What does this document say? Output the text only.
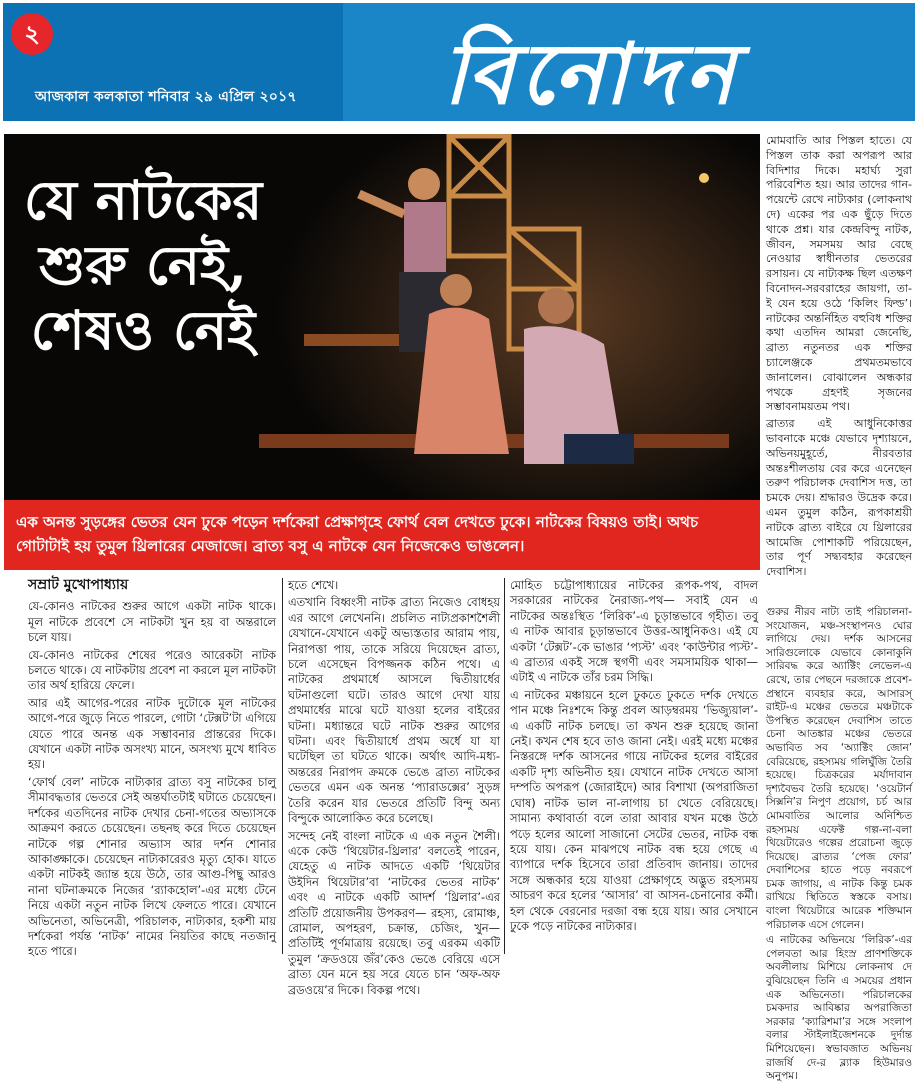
২
আজকাল কলকাতা শনিবার ২৯ এপ্রিল ২০১৭ বিনোদন
যে নাটকের
শুরু নেই,
শেষও নেই
এক অনন্ত সুড়ঙ্গের ভেতর যেন ঢুকে পড়েন দর্শকেরা প্রেক্ষাগৃহে ফোর্থ বেল দেখতে ঢুকে। নাটকের বিষয়ও তাই। অথচ গোটাটাই হয় তুমুল থ্রিলারের মেজাজে। ব্রাত্য বসু এ নাটকে যেন নিজেকেও ভাঙলেন।

সম্রাট মুখোপাধ্যায়

যে-কোনও নাটকের শুরুর আগে একটা নাটক থাকে। মূল নাটকে প্রবেশে সে নাটকটা খুন হয় বা অন্তরালে চলে যায়।

যে-কোনও নাটকের শেষের পরেও আরেকটা নাটক চলতে থাকে। যে নাটকটায় প্রবেশ না করলে মূল নাটকটা তার অর্থ হারিয়ে ফেলে।

আর এই আগের-পরের নাটক দুটোকে মূল নাটকের আগে-পরে জুড়ে নিতে পারলে, গোটা ‘টেক্সট’টা এগিয়ে যেতে পারে অনন্ত এক সম্ভাবনার প্রান্তরের দিকে। যেখানে একটা নাটক অসংখ্য মানে, অসংখ্য মুখে ধাবিত হয়।

‘ফোর্থ বেল’ নাটকে নাট্যকার ব্রাত্য বসু নাটকের চালু সীমাবদ্ধতার ভেতরে সেই অন্তর্ঘাতটাই ঘটাতে চেয়েছেন। দর্শকের এতদিনের নাটক দেখার চেনা-গতের অভ্যাসকে আক্রমণ করতে চেয়েছেন। তছনছ করে দিতে চেয়েছেন নাটকে গল্প শোনার অভ্যাস আর দর্শন শোনার আকাঙ্ক্ষাকে। চেয়েছেন নাট্যকারেরও মৃত্যু হোক। যাতে একটা নাটকই জ্যান্ত হয়ে উঠে, তার আগু-পিছু আরও নানা ঘটনাক্রমকে নিজের ‘র‍্যাকহোল’-এর মধ্যে টেনে নিয়ে একটা নতুন নাটক লিখে ফেলতে পারে। যেখানে অভিনেতা, অভিনেত্রী, পরিচালক, নাট্যকার, হকশী মায় দর্শকেরা পর্যন্ত ‘নাটক’ নামের নিয়তির কাছে নতজানু হতে পারে।

হতে শেখে।

এতখানি বিধ্বংসী নাটক ব্রাত্য নিজেও বোধহয় এর আগে লেখেননি। প্রচলিত নাট্যপ্রকাশশৈলী যেখানে-যেখানে একটু অভ্যস্ততার আরাম পায়, নিরাপত্তা পায়, তাকে সরিয়ে দিয়েছেন ব্রাত্য, চলে এসেছেন বিপজ্জনক কঠিন পথে। এ নাটকের প্রথমার্ধে আসলে দ্বিতীয়ার্ধের ঘটনাগুলো ঘটে। তারও আগে দেখা যায় প্রথমার্ধের মাঝে ঘটে যাওয়া হলের বাইরের ঘটনা। মধ্যান্তরে ঘটে নাটক শুরুর আগের ঘটনা। এবং দ্বিতীয়ার্ধে প্রথম অর্ধে যা যা ঘটেছিল তা ঘটতে থাকে। অর্থাৎ আদি-মধ্য-অন্তরের নিরাপদ ক্রমকে ভেঙে ব্রাত্য নাটকের ভেতরে এমন এক অনন্ত ‘প্যারাডক্সের’ সুড়ঙ্গ তৈরি করেন যার ভেতরে প্রতিটি বিন্দু অন্য বিন্দুকে আলোকিত করে চলেছে।

সন্দেহ নেই বাংলা নাটকে এ এক নতুন শৈলী। একে কেউ ‘থিয়েটার-থ্রিলার’ বলতেই পারেন, যেহেতু এ নাটক আদতে একটি ‘থিয়েটার উইদিন থিয়েটার’বা ‘নাটকের ভেতর নাটক’ এবং এ নাটকে একটি আদর্শ ‘থ্রিলার’-এর প্রতিটি প্রয়োজনীয় উপকরণ— রহস্য, রোমাঞ্চ, রোমাল, অপহরণ, চক্রান্ত, চেজিং, খুন— প্রতিটিই পূর্ণমাত্রায় রয়েছে। তবু এরকম একটি তুমুল ‘ক্রডওয়ে জঁর’কেও ভেঙে বেরিয়ে এসে ব্রাত্য যেন মনে হয় সরে যেতে চান ‘অফ-অফ ব্রডওয়ে’র দিকে। বিকল্প পথে।

মোহিত চট্টোপাধ্যায়ের নাটকের রূপক-পথ, বাদল সরকারের নাটকের নৈরাজ্য-পথ— সবাই যেন এ নাটকের অন্তঃস্থিত ‘লিরিক’-এ চূড়ান্তভাবে গৃহীত। তবু এ নাটক আবার চূড়ান্তভাবে উত্তর-আধুনিকও। এই যে একটা ‘টেক্সট’-কে ভাঙার ‘প্যস্ট’ এবং ‘কাউন্টার প্যস্ট’-এ ব্রাত্যর একই সঙ্গে স্থগণী এবং সমসাময়িক থাকা— এটাই এ নাটকে তাঁর চরম সিদ্ধি।

এ নাটকের মঞ্চায়নে হলে ঢুকতে ঢুকতে দর্শক দেখতে পান মঞ্চে নিঃশব্দে কিন্তু প্রবল আড়ম্বরময় ‘ভিজ্যুয়াল’-এ একটি নাটক চলছে। তা কখন শুরু হয়েছে জানা নেই। কখন শেষ হবে তাও জানা নেই। এরই মধ্যে মঞ্চের নিস্তরঙ্গে দর্শক আসনের গায়ে নাটকের হলের বাইরের একটি দৃশ্য অভিনীত হয়। যেখানে নাটক দেখতে আসা দম্পতি অপরূপ (জোরাইদে) আর বিশাখা (অপরাজিতা ঘোষ) নাটক ভাল না-লাগায় চা খেতে বেরিয়েছে। সামান্য কথাবার্তা বলে তারা আবার যখন মঞ্চে উঠে পড়ে হলের আলো সাজানো সেটের ভেতর, নাটক বন্ধ হয়ে যায়। কেন মাঝপথে নাটক বন্ধ হয়ে গেছে এ ব্যাপারে দর্শক হিসেবে তারা প্রতিবাদ জানায়। তাদের সঙ্গে অন্ধকার হয়ে যাওয়া প্রেক্ষাগৃহে অদ্ভুত রহস্যময় আচরণ করে হলের ‘আসার’ বা আসন-চেনানোর কর্মী। হল থেকে বেরনোর দরজা বন্ধ হয়ে যায়। আর সেখানে ঢুকে পড়ে নাটকের নাট্যকার।

মোমবাতি আর পিস্তল হাতে। যে পিস্তল তাক করা অপরূপ আর বিদিশার দিকে। মহার্ঘ্য সুরা পরিবেশিত হয়। আর তাদের গান-পয়েন্টে রেখে নাট্যকার (লোকনাথ দে) একের পর এক ছুঁড়ে দিতে থাকে প্রশ্ন। যার কেন্দ্রবিন্দু নাটক, জীবন, সমসময় আর বেছে নেওয়ার স্বাধীনতার ভেতরের রসায়ন। যে নাট্যকক্ষ ছিল এতক্ষণ বিনোদন-সরবরাহের জায়গা, তা-ই যেন হয়ে ওঠে ‘কিলিং ফিল্ড’। নাটকের অন্তর্নিহিত বহুবিধ শক্তির কথা এতদিন আমরা জেনেছি, ব্রাত্য নতুনতর এক শক্তির চ্যালেঞ্জকে প্রথমতমভাবে জানালেন। বোঝালেন অন্ধকার পথকে গ্রহণই সৃজনের সম্ভাবনাময়তম পথ।

ব্রাত্যর এই আধুনিকোত্তর ভাবনাকে মঞ্চে যেভাবে দৃশ্যায়নে, অভিনয়মুহূর্তে, নীরবতার অন্তঃশীলতায় বের করে এনেছেন তরুণ পরিচালক দেবাশিস দত্ত, তা চমকে দেয়। শ্রদ্ধারও উদ্রেক করে। এমন তুমুল কঠিন, রূপকাশ্রয়ী নাটকে ব্রাত্য বাইরে যে থ্রিলারের আমেজি পোশাকটি পরিয়েছেন, তার পূর্ণ সদ্ব্যবহার করেছেন দেবাশিস।

গুরুর নীরব নাট্য তাই পরিচালনা-সংযোজন, মঞ্চ-সংস্থাপনও ঘোর লাগিয়ে দেয়। দর্শক আসনের সারিগুলোকে যেভাবে কোনাকুনি সারিবদ্ধ করে অ্যাক্টিং লেভেল-এ রেখে, তার পেছনে দরজাকে প্রবেশ-প্রস্থানে ব্যবহার করে, আসারস্ রাইট-এ মঞ্চের ভেতরে মঞ্চটাকে উপস্থিত করেছেন দেবাশিস তাতে চেনা আতঙ্কার মঞ্চের ভেতরে অভাবিত সব ‘অ্যাক্টিং জোন’ বেরিয়েছে, রহস্যময় গলিঘুঁজি তৈরি হয়েছে। চিত্রকরের মর্যাদাবান দৃশ্যবৈভব তৈরি হয়েছে। ‘ওয়েটার্ন সিক্সনি’র নিপুণ প্রয়োগ, চর্চ আর মোমবাতির আলোর অনিশ্চিত রহস্যময় এফেক্ট গল্প-না-বলা থিয়েটারেও গল্পের প্ররোচনা জুড়ে দিয়েছে। ব্রাত্যর ‘পেজ ফোর’ দেবাশিসের হাতে পড়ে নবরূপে চমক জাগায়, এ নাটক কিন্তু চমক রাখিয়ে স্থিতিতে স্বস্তকে বসায়। বাংলা থিয়েটারে আরেক শক্তিমান পরিচালক এসে গেলেন।

এ নাটকের অভিনয়ে ‘লিরিক’-এর পেলবতা আর হিংস্র প্রাণশক্তিকে অবলীলায় মিশিয়ে লোকনাথ দে বুঝিয়েছেন তিনি এ সময়ের প্রধান এক অভিনেতা। পরিচালকের চমকদার আবিষ্কার অপরাজিতা সরকার ‘ক্যারিশমা’র সঙ্গে সংলাপ বলার স্টাইলাইজেশনকে দুর্দান্ত মিশিয়েছেন। স্বভাবজাত অভিনয় রাজর্ষি দে-র ব্ল্যাক হিউমারও অনুপম।
